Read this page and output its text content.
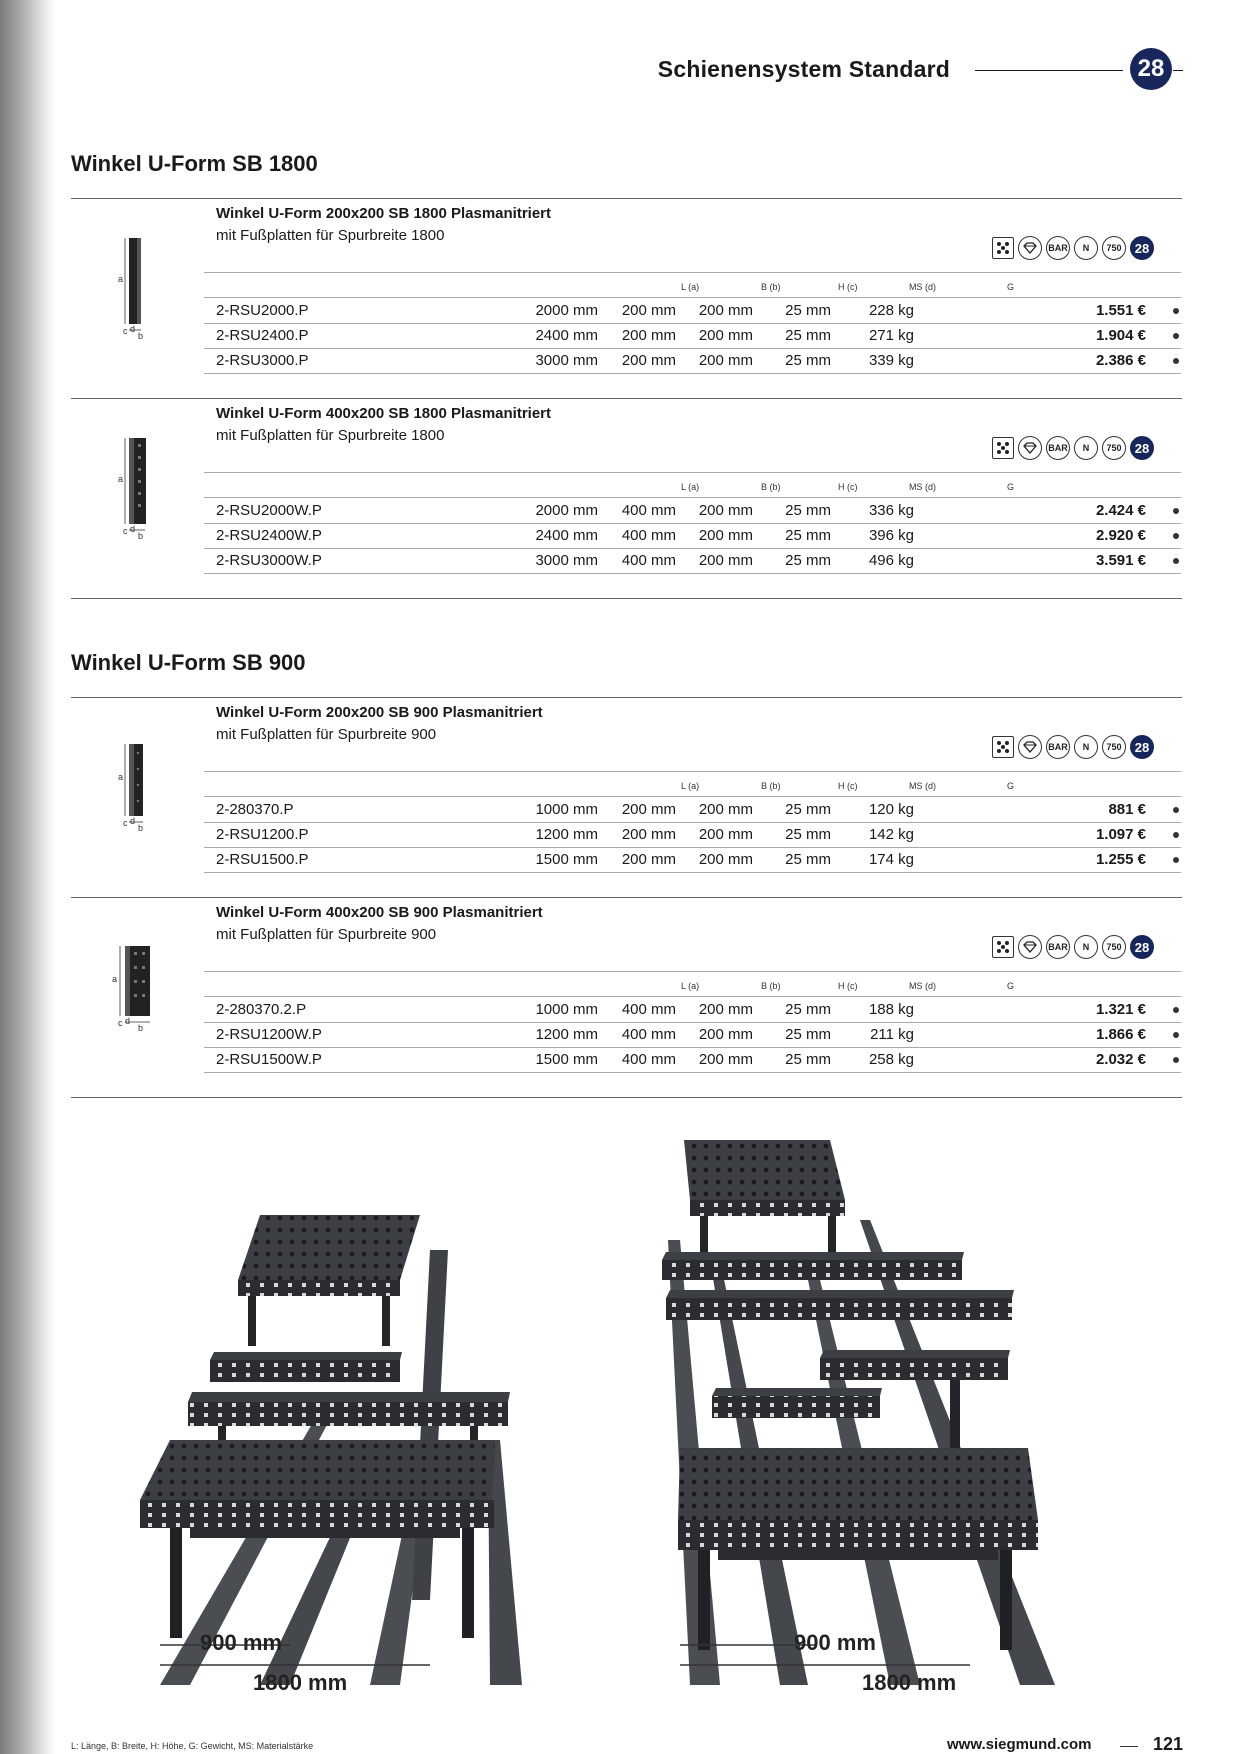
Schienensystem Standard	28
Winkel U-Form SB 1800
Winkel U-Form 200x200 SB 1800 Plasmanitriert
mit Fußplatten für Spurbreite 1800
BAR	N	750	28
L (a)	B (b)	H (c)	MS (d)	G
2-RSU2000.P	2000 mm 200 mm 200 mm 25 mm	228 kg	1.551 €
2-RSU2400.P	2400 mm 200 mm 200 mm 25 mm	271 kg	1.904 €
2-RSU3000.P	3000 mm 200 mm 200 mm 25 mm	339 kg	2.386 €
a
c d
b
Winkel U-Form 400x200 SB 1800 Plasmanitriert
mit Fußplatten für Spurbreite 1800
BAR	N	750	28
L (a)	B (b)	H (c)	MS (d)	G
2-RSU2000W.P	2000 mm 400 mm 200 mm 25 mm	336 kg	2.424 €
2-RSU2400W.P	2400 mm 400 mm 200 mm 25 mm	396 kg	2.920 €
2-RSU3000W.P	3000 mm 400 mm 200 mm 25 mm	496 kg	3.591 €
a
c d
b
Winkel U-Form SB 900
Winkel U-Form 200x200 SB 900 Plasmanitriert
mit Fußplatten für Spurbreite 900
BAR	N	750	28
L (a)	B (b)	H (c)	MS (d)	G
2-280370.P	1000 mm 200 mm 200 mm 25 mm	120 kg	881 €
2-RSU1200.P	1200 mm 200 mm 200 mm 25 mm	142 kg	1.097 €
2-RSU1500.P	1500 mm 200 mm 200 mm 25 mm	174 kg	1.255 €
a
c d
b
Winkel U-Form 400x200 SB 900 Plasmanitriert
mit Fußplatten für Spurbreite 900
BAR	N	750	28
L (a)	B (b)	H (c)	MS (d)	G
2-280370.2.P	1000 mm 400 mm 200 mm 25 mm	188 kg	1.321 €
2-RSU1200W.P	1200 mm 400 mm 200 mm 25 mm	211 kg	1.866 €
2-RSU1500W.P	1500 mm 400 mm 200 mm 25 mm	258 kg	2.032 €
a
c d
b
900 mm
1800 mm
900 mm
1800 mm
L: Länge, B: Breite, H: Höhe, G: Gewicht, MS: Materialstärke	www.siegmund.com	121
